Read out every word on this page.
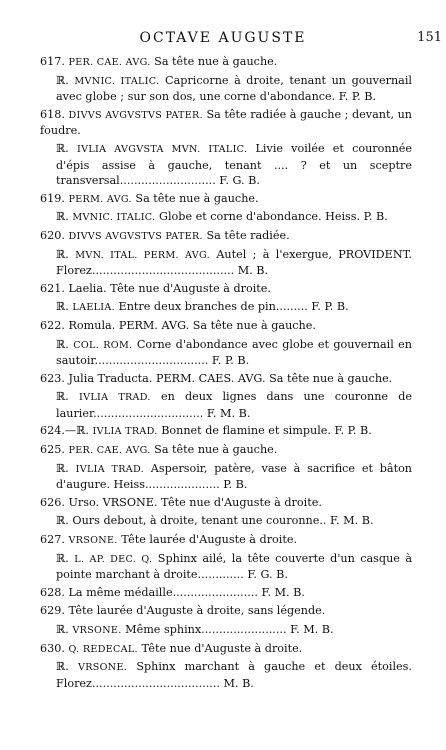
OCTAVE AUGUSTE	151

617. PER. CAE. AVG. Sa tête nue à gauche.

ℝ. MVNIC. ITALIC. Capricorne à droite, tenant un gouvernail avec globe ; sur son dos, une corne d'abondance. F. P. B.

618. DIVVS AVGVSTVS PATER. Sa tête radiée à gauche ; devant, un foudre.

ℝ. IVLIA AVGVSTA MVN. ITALIC. Livie voilée et couronnée d'épis assise à gauche, tenant .... ? et un sceptre transversal........................... F. G. B.

619. PERM. AVG. Sa tête nue à gauche.

ℝ. MVNIC. ITALIC. Globe et corne d'abondance. Heiss. P. B.

620. DIVVS AVGVSTVS PATER. Sa tête radiée.

ℝ. MVN. ITAL. PERM. AVG. Autel ; à l'exergue, PROVIDENT. Florez........................................ M. B.

621. Laelia. Tête nue d'Auguste à droite.

ℝ. LAELIA. Entre deux branches de pin......... F. P. B.

622. Romula. PERM. AVG. Sa tête nue à gauche.

ℝ. COL. ROM. Corne d'abondance avec globe et gouvernail en sautoir................................ F. P. B.

623. Julia Traducta. PERM. CAES. AVG. Sa tête nue à gauche.

ℝ. IVLIA TRAD. en deux lignes dans une couronne de laurier............................... F. M. B.

624.—ℝ. IVLIA TRAD. Bonnet de flamine et simpule. F. P. B.

625. PER. CAE. AVG. Sa tête nue à gauche.

ℝ. IVLIA TRAD. Aspersoir, patère, vase à sacrifice et bâton d'augure. Heiss..................... P. B.

626. Urso. VRSONE. Tête nue d'Auguste à droite.

ℝ. Ours debout, à droite, tenant une couronne.. F. M. B.

627. VRSONE. Tête laurée d'Auguste à droite.

ℝ. L. AP. DEC. Q. Sphinx ailé, la tête couverte d'un casque à pointe marchant à droite............. F. G. B.

628. La même médaille........................ F. M. B.

629. Tête laurée d'Auguste à droite, sans légende.

ℝ. VRSONE. Même sphinx........................ F. M. B.

630. Q. REDECAL. Tête nue d'Auguste à droite.

ℝ. VRSONE. Sphinx marchant à gauche et deux étoiles. Florez.................................... M. B.
